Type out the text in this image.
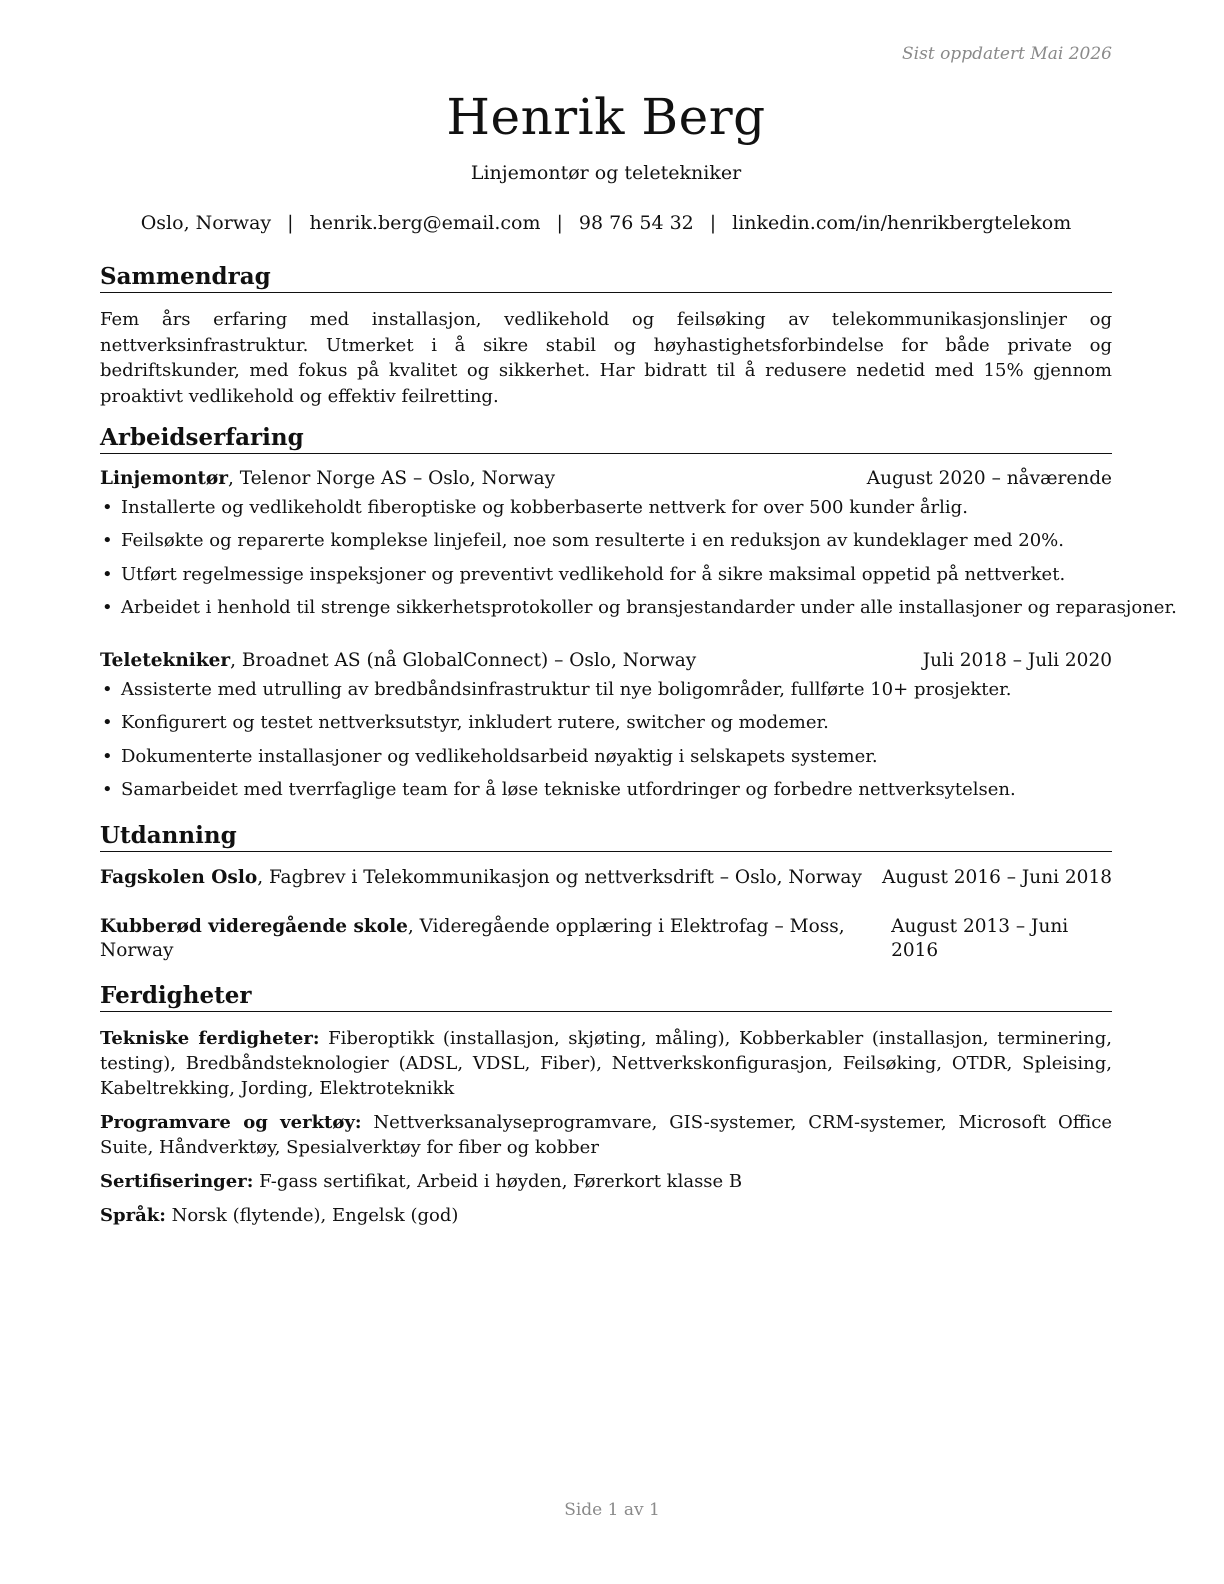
Sist oppdatert Mai 2026
Henrik Berg
Linjemontør og teletekniker
Oslo, Norway | henrik.berg@email.com | 98 76 54 32 | linkedin.com/in/henrikbergtelekom
Sammendrag

Fem års erfaring med installasjon, vedlikehold og feilsøking av telekommunikasjonslinjer og nettverksinfrastruktur. Utmerket i å sikre stabil og høyhastighetsforbindelse for både private og bedriftskunder, med fokus på kvalitet og sikkerhet. Har bidratt til å redusere nedetid med 15% gjennom proaktivt vedlikehold og effektiv feilretting.

Arbeidserfaring
Linjemontør, Telenor Norge AS – Oslo, Norway	August 2020 – nåværende
• Installerte og vedlikeholdt fiberoptiske og kobberbaserte nettverk for over 500 kunder årlig.
• Feilsøkte og reparerte komplekse linjefeil, noe som resulterte i en reduksjon av kundeklager med 20%.
• Utført regelmessige inspeksjoner og preventivt vedlikehold for å sikre maksimal oppetid på nettverket.
• Arbeidet i henhold til strenge sikkerhetsprotokoller og bransjestandarder under alle installasjoner og reparasjoner.
Teletekniker, Broadnet AS (nå GlobalConnect) – Oslo, Norway	Juli 2018 – Juli 2020
• Assisterte med utrulling av bredbåndsinfrastruktur til nye boligområder, fullførte 10+ prosjekter.
• Konfigurert og testet nettverksutstyr, inkludert rutere, switcher og modemer.
• Dokumenterte installasjoner og vedlikeholdsarbeid nøyaktig i selskapets systemer.
• Samarbeidet med tverrfaglige team for å løse tekniske utfordringer og forbedre nettverksytelsen.
Utdanning
Fagskolen Oslo, Fagbrev i Telekommunikasjon og nettverksdrift – Oslo, Norway August 2016 – Juni 2018
Kubberød videregående skole, Videregående opplæring i Elektrofag – Moss, Norway
August 2013 – Juni 2016
Ferdigheter
Tekniske ferdigheter: Fiberoptikk (installasjon, skjøting, måling), Kobberkabler (installasjon, terminering, testing), Bredbåndsteknologier (ADSL, VDSL, Fiber), Nettverkskonfigurasjon, Feilsøking, OTDR, Spleising, Kabeltrekking, Jording, Elektroteknikk
Programvare og verktøy: Nettverksanalyseprogramvare, GIS-systemer, CRM-systemer, Microsoft Office Suite, Håndverktøy, Spesialverktøy for fiber og kobber
Sertifiseringer: F-gass sertifikat, Arbeid i høyden, Førerkort klasse B
Språk: Norsk (flytende), Engelsk (god)
Side 1 av 1
